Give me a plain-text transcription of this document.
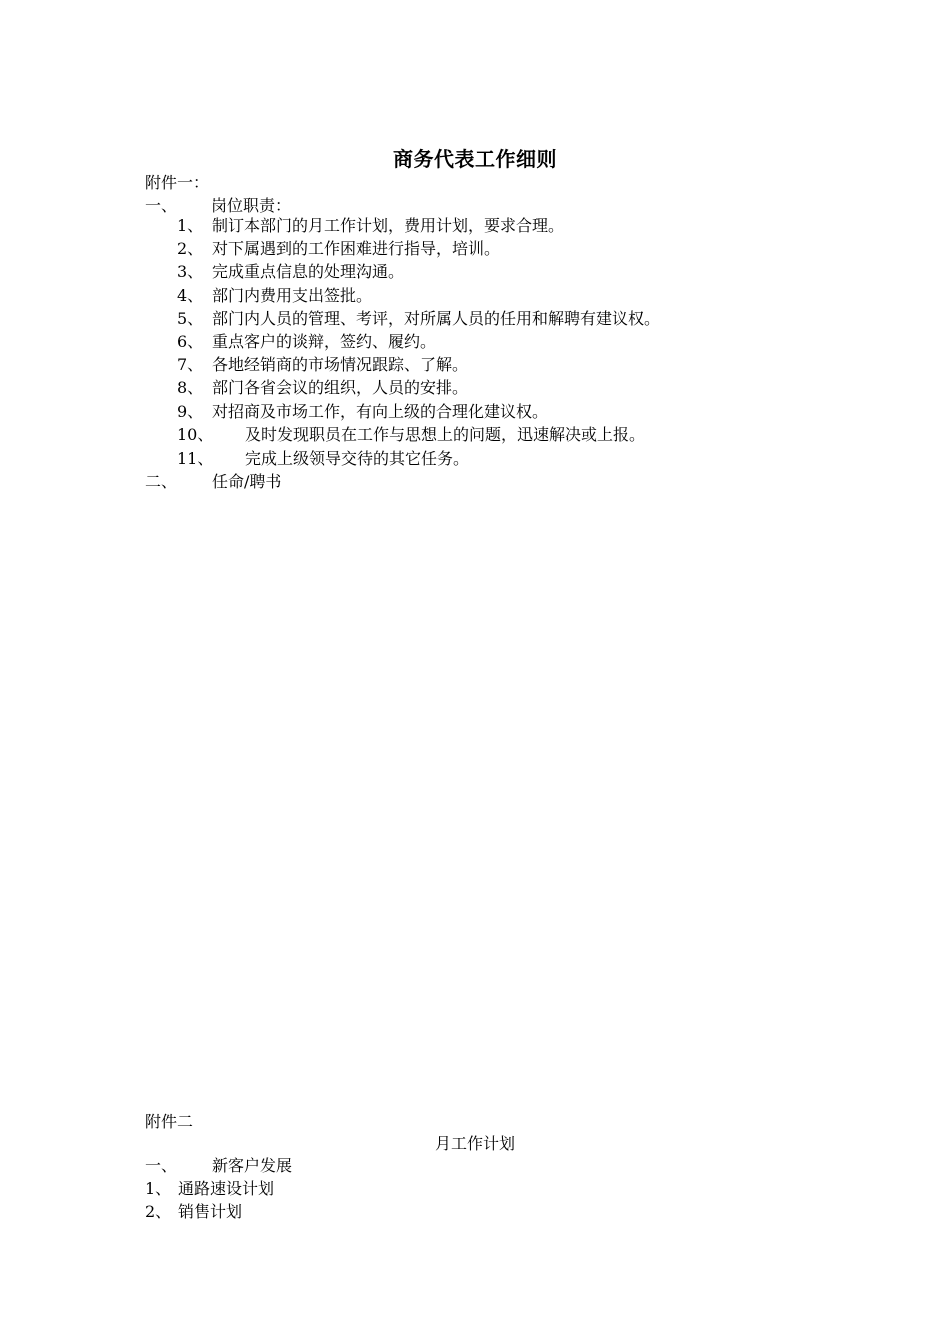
商务代表工作细则
附件一：
一、 岗位职责：
1、 制订本部门的月工作计划，费用计划，要求合理。
2、 对下属遇到的工作困难进行指导，培训。
3、 完成重点信息的处理沟通。
4、 部门内费用支出签批。
5、 部门内人员的管理、考评，对所属人员的任用和解聘有建议权。
6、 重点客户的谈辩，签约、履约。
7、 各地经销商的市场情况跟踪、了解。
8、 部门各省会议的组织，人员的安排。
9、 对招商及市场工作，有向上级的合理化建议权。
10、 及时发现职员在工作与思想上的问题，迅速解决或上报。
11、 完成上级领导交待的其它任务。
二、 任命/聘书
附件二
月工作计划
一、 新客户发展
1、 通路速设计划
2、 销售计划
